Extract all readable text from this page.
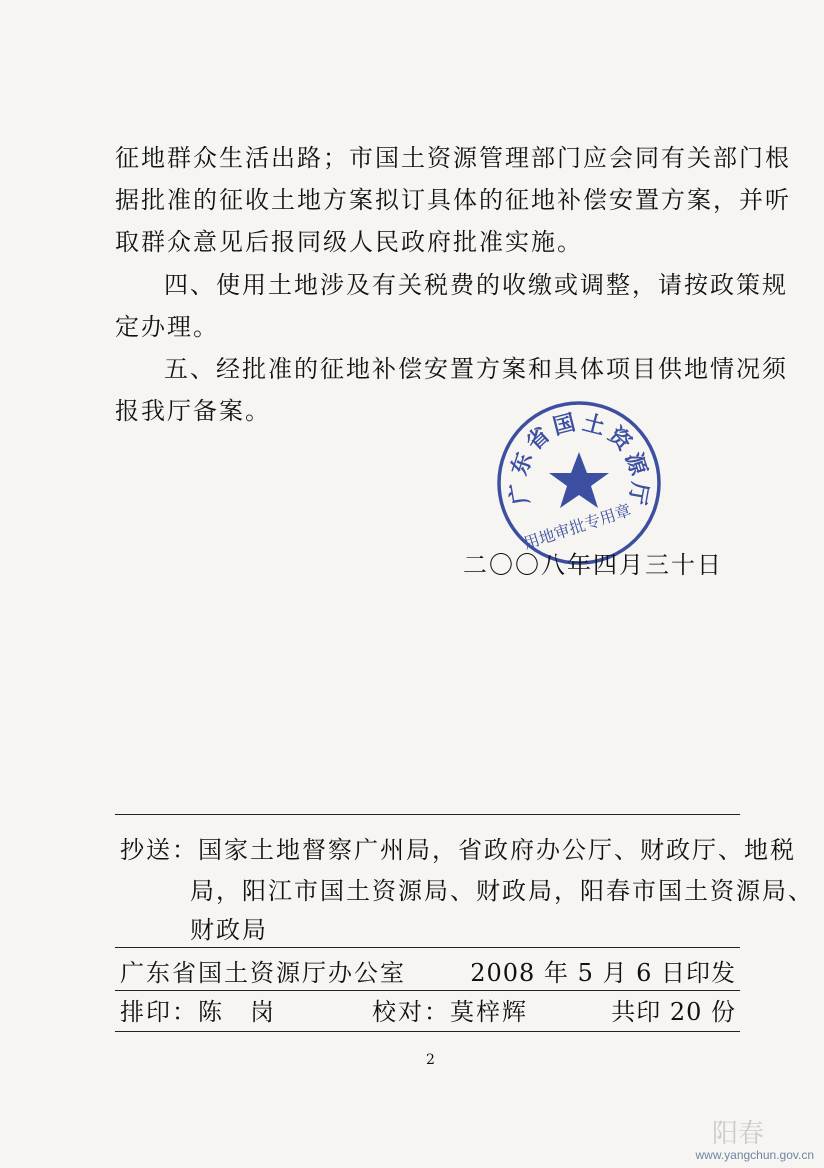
征地群众生活出路；市国土资源管理部门应会同有关部门根
据批准的征收土地方案拟订具体的征地补偿安置方案，并听
取群众意见后报同级人民政府批准实施。
四、使用土地涉及有关税费的收缴或调整，请按政策规
定办理。
五、经批准的征地补偿安置方案和具体项目供地情况须
报我厅备案。
广
东
省
国 土
资
源
厅
用地审批专用章
二〇〇八年四月三十日
抄送：国家土地督察广州局，省政府办公厅、财政厅、地税
局，阳江市国土资源局、财政局，阳春市国土资源局、
财政局
广东省国土资源厅办公室	2008 年 5 月 6 日印发
排印：陈　岗	校对：莫梓辉	共印 20 份
2
阳春
www.yangchun.gov.cn
